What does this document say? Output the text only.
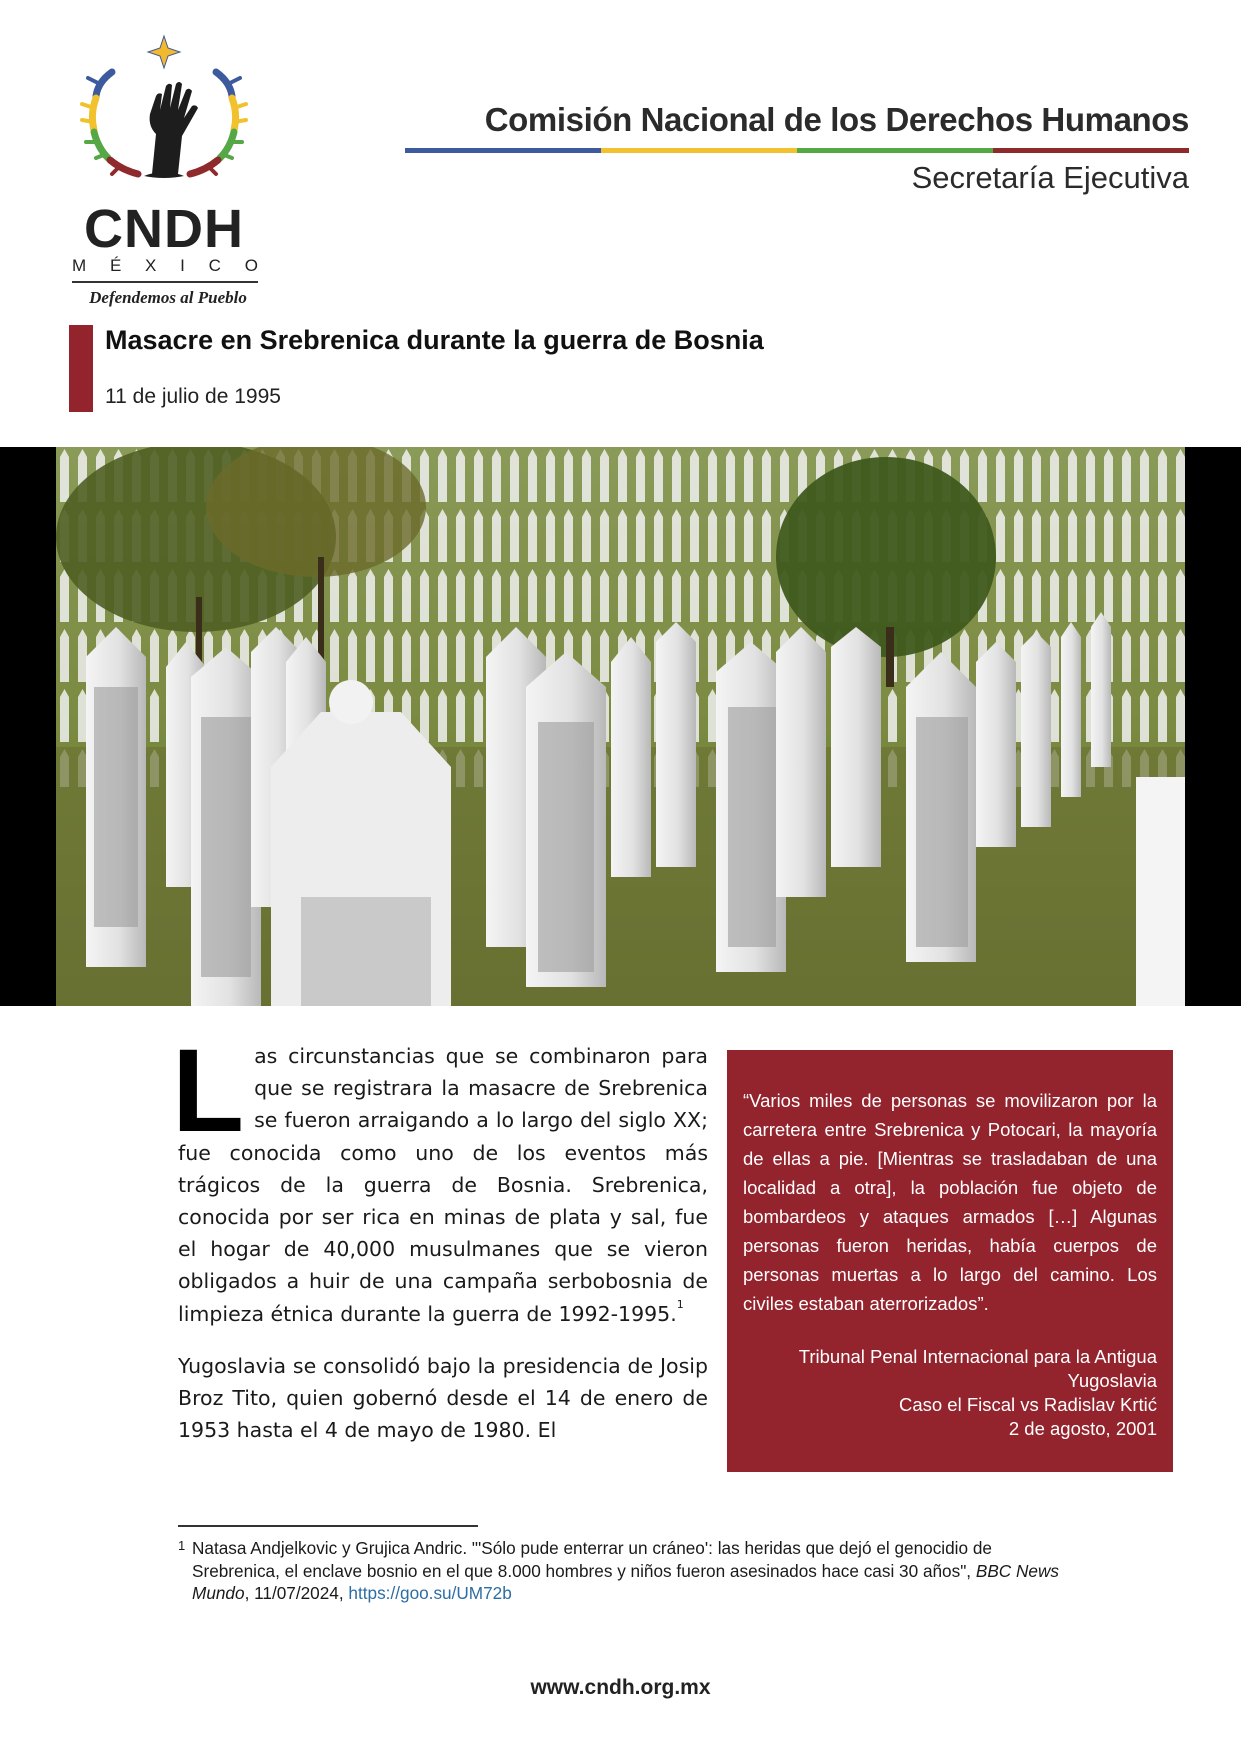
CNDH
M É X I C O
Defendemos al Pueblo
Comisión Nacional de los Derechos Humanos
Secretaría Ejecutiva
Masacre en Srebrenica durante la guerra de Bosnia
11 de julio de 1995

Las circunstancias que se combinaron para que se registrara la masacre de Srebrenica se fueron arraigando a lo largo del siglo XX; fue conocida como uno de los eventos más trágicos de la guerra de Bosnia. Srebrenica, conocida por ser rica en minas de plata y sal, fue el hogar de 40,000 musulmanes que se vieron obligados a huir de una campaña serbobosnia de limpieza étnica durante la guerra de 1992-1995.$^1$

Yugoslavia se consolidó bajo la presidencia de Josip Broz Tito, quien gobernó desde el 14 de enero de 1953 hasta el 4 de mayo de 1980. El

“Varios miles de personas se movilizaron por la carretera entre Srebrenica y Potocari, la mayoría de ellas a pie. [Mientras se trasladaban de una localidad a otra], la población fue objeto de bombardeos y ataques armados […] Algunas personas fueron heridas, había cuerpos de personas muertas a lo largo del camino. Los civiles estaban aterrorizados”.
Tribunal Penal Internacional para la Antigua Yugoslavia
Caso el Fiscal vs Radislav Krtić
2 de agosto, 2001
1 Natasa Andjelkovic y Grujica Andric. "'Sólo pude enterrar un cráneo': las heridas que dejó el genocidio de Srebrenica, el enclave bosnio en el que 8.000 hombres y niños fueron asesinados hace casi 30 años", BBC News Mundo, 11/07/2024, https://goo.su/UM72b
www.cndh.org.mx
